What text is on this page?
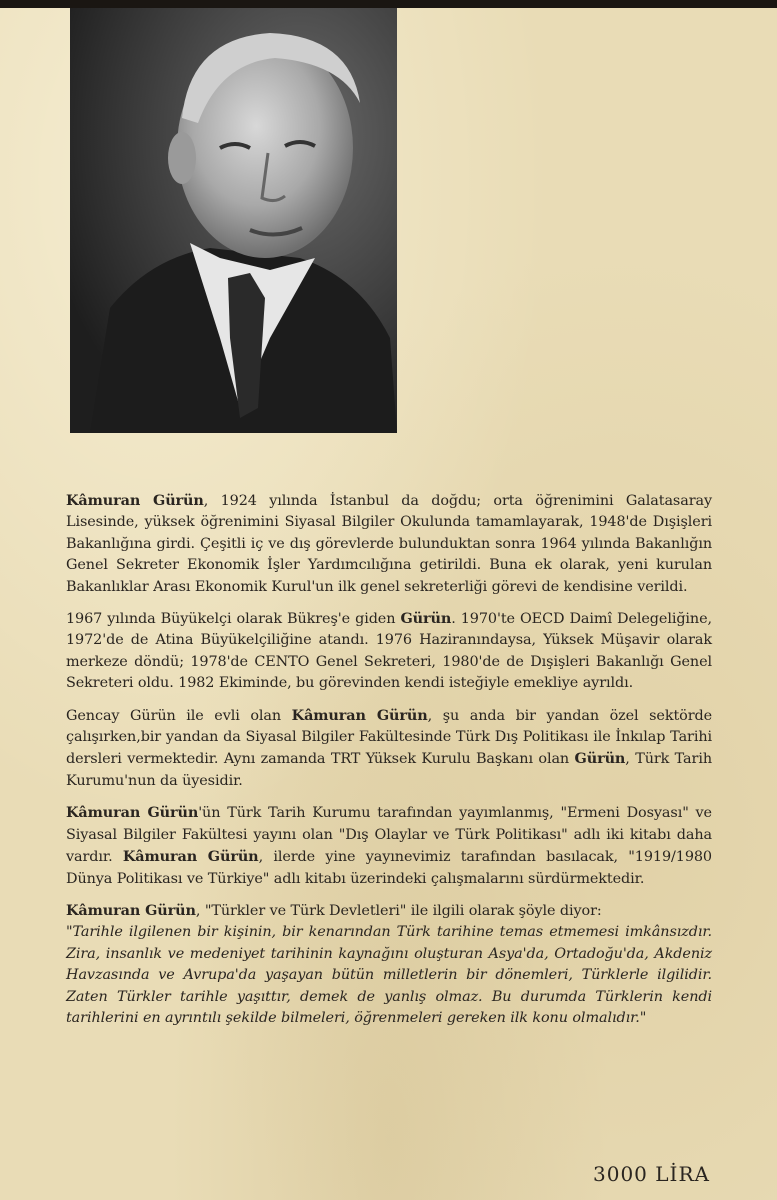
Kâmuran Gürün, 1924 yılında İstanbul da doğdu; orta öğrenimini Galatasaray Lisesinde, yüksek öğrenimini Siyasal Bilgiler Okulunda tamamlayarak, 1948'de Dışişleri Bakanlığına girdi. Çeşitli iç ve dış görevlerde bulunduktan sonra 1964 yılında Bakanlığın Genel Sekreter Ekonomik İşler Yardımcılığına getirildi. Buna ek olarak, yeni kurulan Bakanlıklar Arası Ekonomik Kurul'un ilk genel sekreterliği görevi de kendisine verildi.

1967 yılında Büyükelçi olarak Bükreş'e giden Gürün. 1970'te OECD Daimî Delegeliğine, 1972'de de Atina Büyükelçiliğine atandı. 1976 Haziranındaysa, Yüksek Müşavir olarak merkeze döndü; 1978'de CENTO Genel Sekreteri, 1980'de de Dışişleri Bakanlığı Genel Sekreteri oldu. 1982 Ekiminde, bu görevinden kendi isteğiyle emekliye ayrıldı.

Gencay Gürün ile evli olan Kâmuran Gürün, şu anda bir yandan özel sektörde çalışırken,bir yandan da Siyasal Bilgiler Fakültesinde Türk Dış Politikası ile İnkılap Tarihi dersleri vermektedir. Aynı zamanda TRT Yüksek Kurulu Başkanı olan Gürün, Türk Tarih Kurumu'nun da üyesidir.

Kâmuran Gürün'ün Türk Tarih Kurumu tarafından yayımlanmış, "Ermeni Dosyası" ve Siyasal Bilgiler Fakültesi yayını olan "Dış Olaylar ve Türk Politikası" adlı iki kitabı daha vardır. Kâmuran Gürün, ilerde yine yayınevimiz tarafından basılacak, "1919/1980 Dünya Politikası ve Türkiye" adlı kitabı üzerindeki çalışmalarını sürdürmektedir.

Kâmuran Gürün, "Türkler ve Türk Devletleri" ile ilgili olarak şöyle diyor:
"Tarihle ilgilenen bir kişinin, bir kenarından Türk tarihine temas etmemesi imkânsızdır. Zira, insanlık ve medeniyet tarihinin kaynağını oluşturan Asya'da, Ortadoğu'da, Akdeniz Havzasında ve Avrupa'da yaşayan bütün milletlerin bir dönemleri, Türklerle ilgilidir. Zaten Türkler tarihle yaşıttır, demek de yanlış olmaz. Bu durumda Türklerin kendi tarihlerini en ayrıntılı şekilde bilmeleri, öğrenmeleri gereken ilk konu olmalıdır."

3000 LİRA
